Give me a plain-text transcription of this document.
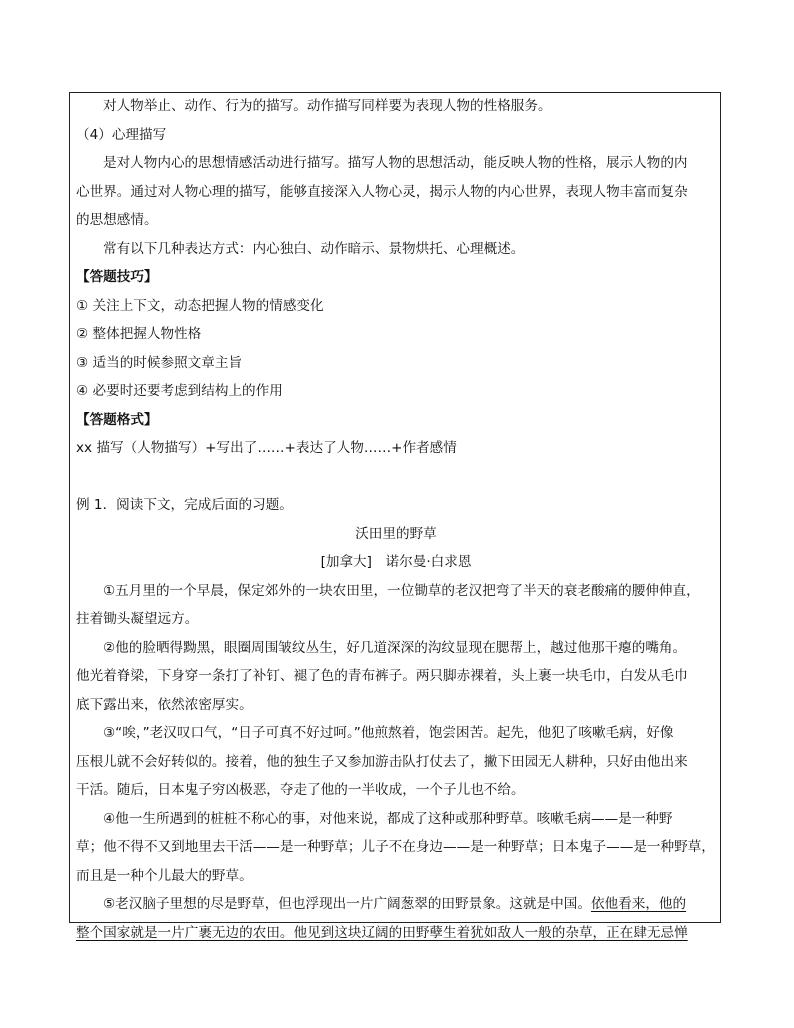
对人物举止、动作、行为的描写。动作描写同样要为表现人物的性格服务。
（4）心理描写
是对人物内心的思想情感活动进行描写。描写人物的思想活动，能反映人物的性格，展示人物的内
心世界。通过对人物心理的描写，能够直接深入人物心灵，揭示人物的内心世界，表现人物丰富而复杂
的思想感情。
常有以下几种表达方式：内心独白、动作暗示、景物烘托、心理概述。
【答题技巧】
① 关注上下文，动态把握人物的情感变化
② 整体把握人物性格
③ 适当的时候参照文章主旨
④ 必要时还要考虑到结构上的作用
【答题格式】
xx 描写（人物描写）+写出了……+表达了人物……+作者感情
例 1．阅读下文，完成后面的习题。
沃田里的野草
[加拿大]　诺尔曼·白求恩
①五月里的一个早晨，保定郊外的一块农田里，一位锄草的老汉把弯了半天的衰老酸痛的腰伸伸直，
拄着锄头凝望远方。
②他的脸晒得黝黑，眼圈周围皱纹丛生，好几道深深的沟纹显现在腮帮上，越过他那干瘪的嘴角。
他光着脊梁，下身穿一条打了补钉、褪了色的青布裤子。两只脚赤裸着，头上裹一块毛巾，白发从毛巾
底下露出来，依然浓密厚实。
③“唉，”老汉叹口气，“日子可真不好过呵。”他煎熬着，饱尝困苦。起先，他犯了咳嗽毛病，好像
压根儿就不会好转似的。接着，他的独生子又参加游击队打仗去了，撇下田园无人耕种，只好由他出来
干活。随后，日本鬼子穷凶极恶，夺走了他的一半收成，一个子儿也不给。
④他一生所遇到的桩桩不称心的事，对他来说，都成了这种或那种野草。咳嗽毛病——是一种野
草；他不得不又到地里去干活——是一种野草；儿子不在身边——是一种野草；日本鬼子——是一种野草，
而且是一种个儿最大的野草。
⑤老汉脑子里想的尽是野草，但也浮现出一片广阔葱翠的田野景象。这就是中国。依他看来，他的
整个国家就是一片广裹无边的农田。他见到这块辽阔的田野孽生着犹如敌人一般的杂草，正在肆无忌惮
